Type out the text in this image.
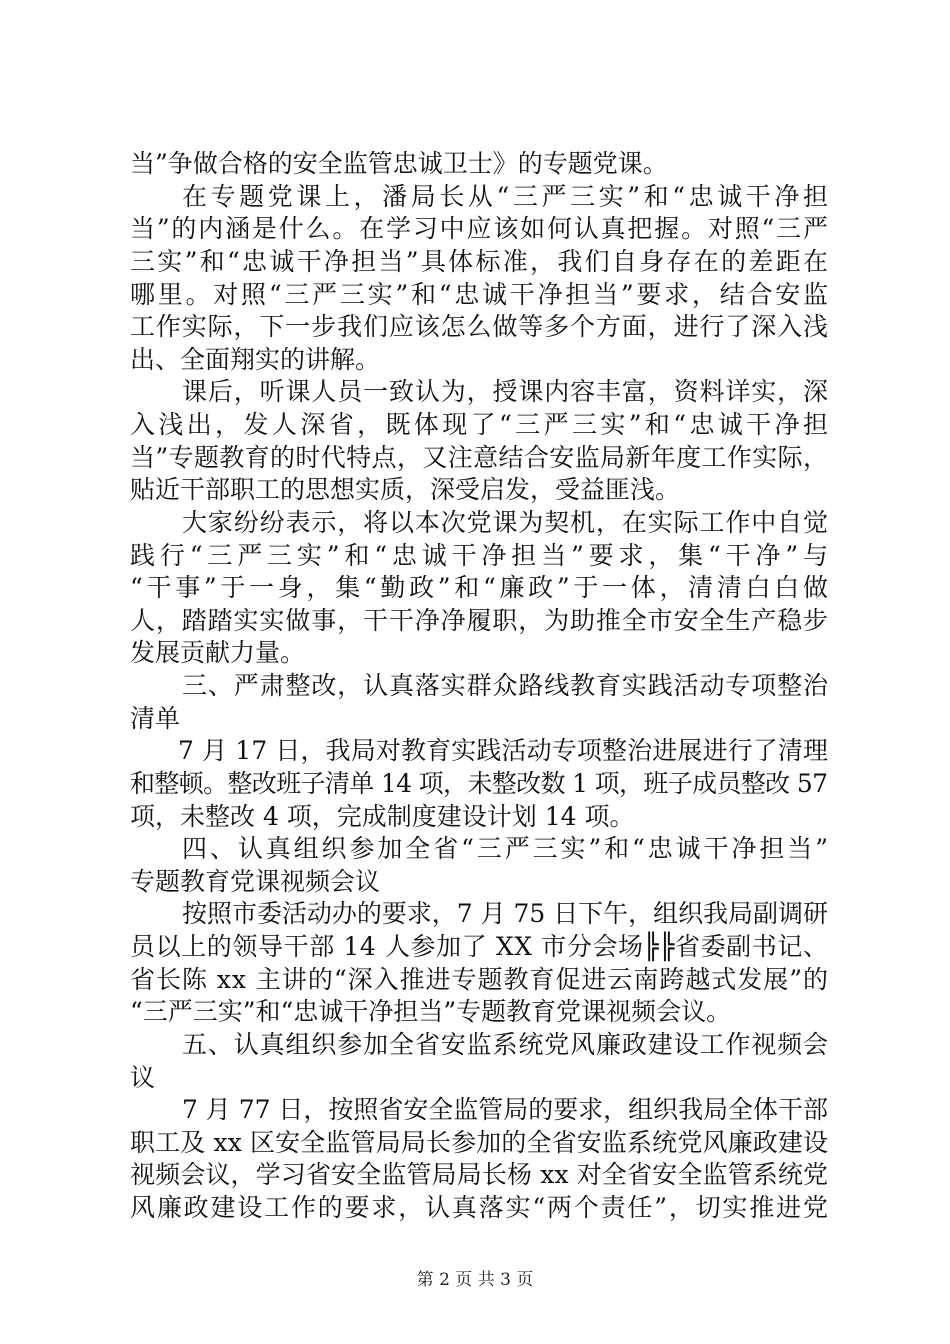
当”争做合格的安全监管忠诚卫士》的专题党课。
在专题党课上，潘局长从“三严三实”和“忠诚干净担
当”的内涵是什么。在学习中应该如何认真把握。对照“三严
三实”和“忠诚干净担当”具体标准，我们自身存在的差距在
哪里。对照“三严三实”和“忠诚干净担当”要求，结合安监
工作实际，下一步我们应该怎么做等多个方面，进行了深入浅
出、全面翔实的讲解。
课后，听课人员一致认为，授课内容丰富，资料详实，深
入浅出，发人深省，既体现了“三严三实”和“忠诚干净担
当”专题教育的时代特点，又注意结合安监局新年度工作实际，
贴近干部职工的思想实质，深受启发，受益匪浅。
大家纷纷表示，将以本次党课为契机，在实际工作中自觉
践行“三严三实”和“忠诚干净担当”要求，集“干净”与
“干事”于一身，集“勤政”和“廉政”于一体，清清白白做
人，踏踏实实做事，干干净净履职，为助推全市安全生产稳步
发展贡献力量。
三、严肃整改，认真落实群众路线教育实践活动专项整治
清单
7 月 17 日，我局对教育实践活动专项整治进展进行了清理
和整顿。整改班子清单 14 项，未整改数 1 项，班子成员整改 57
项，未整改 4 项，完成制度建设计划 14 项。
四、认真组织参加全省“三严三实”和“忠诚干净担当”
专题教育党课视频会议
按照市委活动办的要求，7 月 75 日下午，组织我局副调研
员以上的领导干部 14 人参加了 XX 市分会场╠╠省委副书记、
省长陈 xx 主讲的“深入推进专题教育促进云南跨越式发展”的
“三严三实”和“忠诚干净担当”专题教育党课视频会议。
五、认真组织参加全省安监系统党风廉政建设工作视频会
议
7 月 77 日，按照省安全监管局的要求，组织我局全体干部
职工及 xx 区安全监管局局长参加的全省安监系统党风廉政建设
视频会议，学习省安全监管局局长杨 xx 对全省安全监管系统党
风廉政建设工作的要求，认真落实“两个责任”，切实推进党
第 2 页 共 3 页
